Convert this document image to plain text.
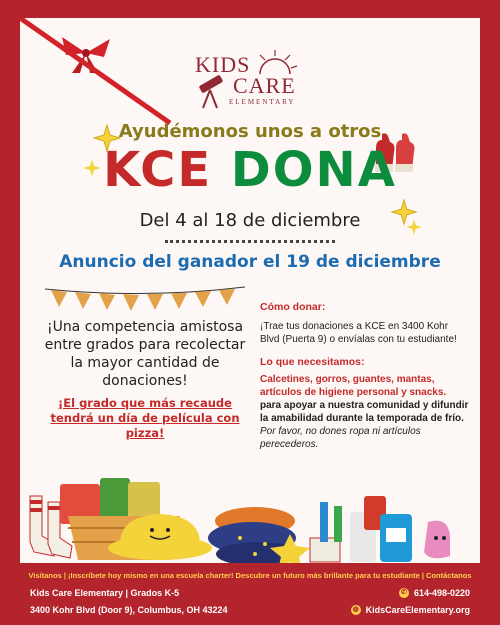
KIDS
CARE
ELEMENTARY
Ayudémonos unos a otros
KCE DONA
Del 4 al 18 de diciembre
Anuncio del ganador el 19 de diciembre
¡Una competencia amistosa entre grados para recolectar la mayor cantidad de donaciones!
¡El grado que más recaude tendrá un día de película con pizza!
Cómo donar:
¡Trae tus donaciones a KCE en 3400 Kohr Blvd (Puerta 9) o envíalas con tu estudiante!
Lo que necesitamos:
Calcetines, gorros, guantes, mantas, artículos de higiene personal y snacks. para apoyar a nuestra comunidad y difundir la amabilidad durante la temporada de frío. Por favor, no dones ropa ni artículos perecederos.
Visítanos | ¡Inscríbete hoy mismo en una escuela charter! Descubre un futuro más brillante para tu estudiante | Contáctanos
Kids Care Elementary | Grados K-5
3400 Kohr Blvd (Door 9), Columbus, OH 43224
✆ 614-498-0220
◍ KidsCareElementary.org
